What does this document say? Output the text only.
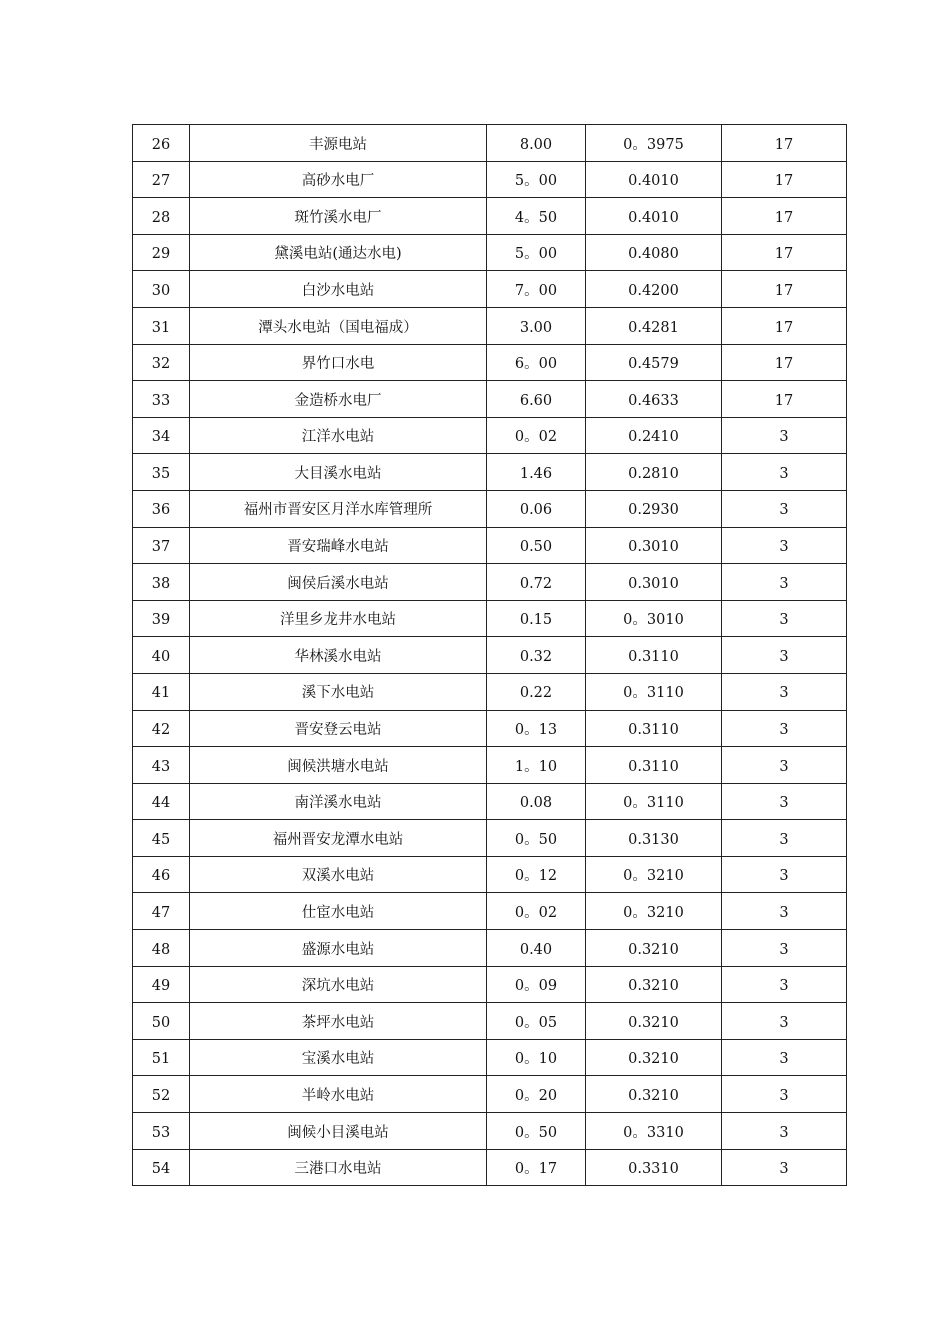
26	丰源电站	8.00	0。3975	17
27	高砂水电厂	5。00	0.4010	17
28	斑竹溪水电厂	4。50	0.4010	17
29	黛溪电站(通达水电)	5。00	0.4080	17
30	白沙水电站	7。00	0.4200	17
31	潭头水电站（国电福成）	3.00	0.4281	17
32	界竹口水电	6。00	0.4579	17
33	金造桥水电厂	6.60	0.4633	17
34	江洋水电站	0。02	0.2410	3
35	大目溪水电站	1.46	0.2810	3
36	福州市晋安区月洋水库管理所	0.06	0.2930	3
37	晋安瑞峰水电站	0.50	0.3010	3
38	闽侯后溪水电站	0.72	0.3010	3
39	洋里乡龙井水电站	0.15	0。3010	3
40	华林溪水电站	0.32	0.3110	3
41	溪下水电站	0.22	0。3110	3
42	晋安登云电站	0。13	0.3110	3
43	闽候洪塘水电站	1。10	0.3110	3
44	南洋溪水电站	0.08	0。3110	3
45	福州晋安龙潭水电站	0。50	0.3130	3
46	双溪水电站	0。12	0。3210	3
47	仕宦水电站	0。02	0。3210	3
48	盛源水电站	0.40	0.3210	3
49	深坑水电站	0。09	0.3210	3
50	茶坪水电站	0。05	0.3210	3
51	宝溪水电站	0。10	0.3210	3
52	半岭水电站	0。20	0.3210	3
53	闽候小目溪电站	0。50	0。3310	3
54	三港口水电站	0。17	0.3310	3
